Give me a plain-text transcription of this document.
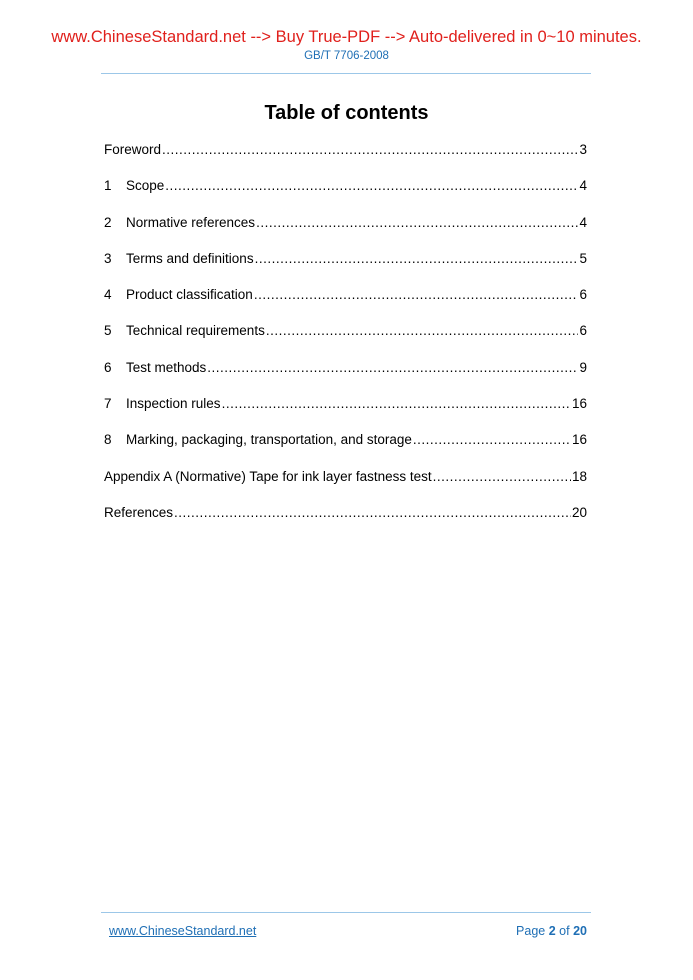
www.ChineseStandard.net --> Buy True-PDF --> Auto-delivered in 0~10 minutes.
GB/T 7706-2008
Table of contents
Foreword .....	3
1	Scope .....	4
2	Normative references .....	4
3	Terms and definitions .....	5
4	Product classification .....	6
5	Technical requirements .....	6
6	Test methods .....	9
7	Inspection rules .....	16
8	Marking, packaging, transportation, and storage .....	16
Appendix A (Normative) Tape for ink layer fastness test .....	18
References .....	20
www.ChineseStandard.net	Page 2 of 20
